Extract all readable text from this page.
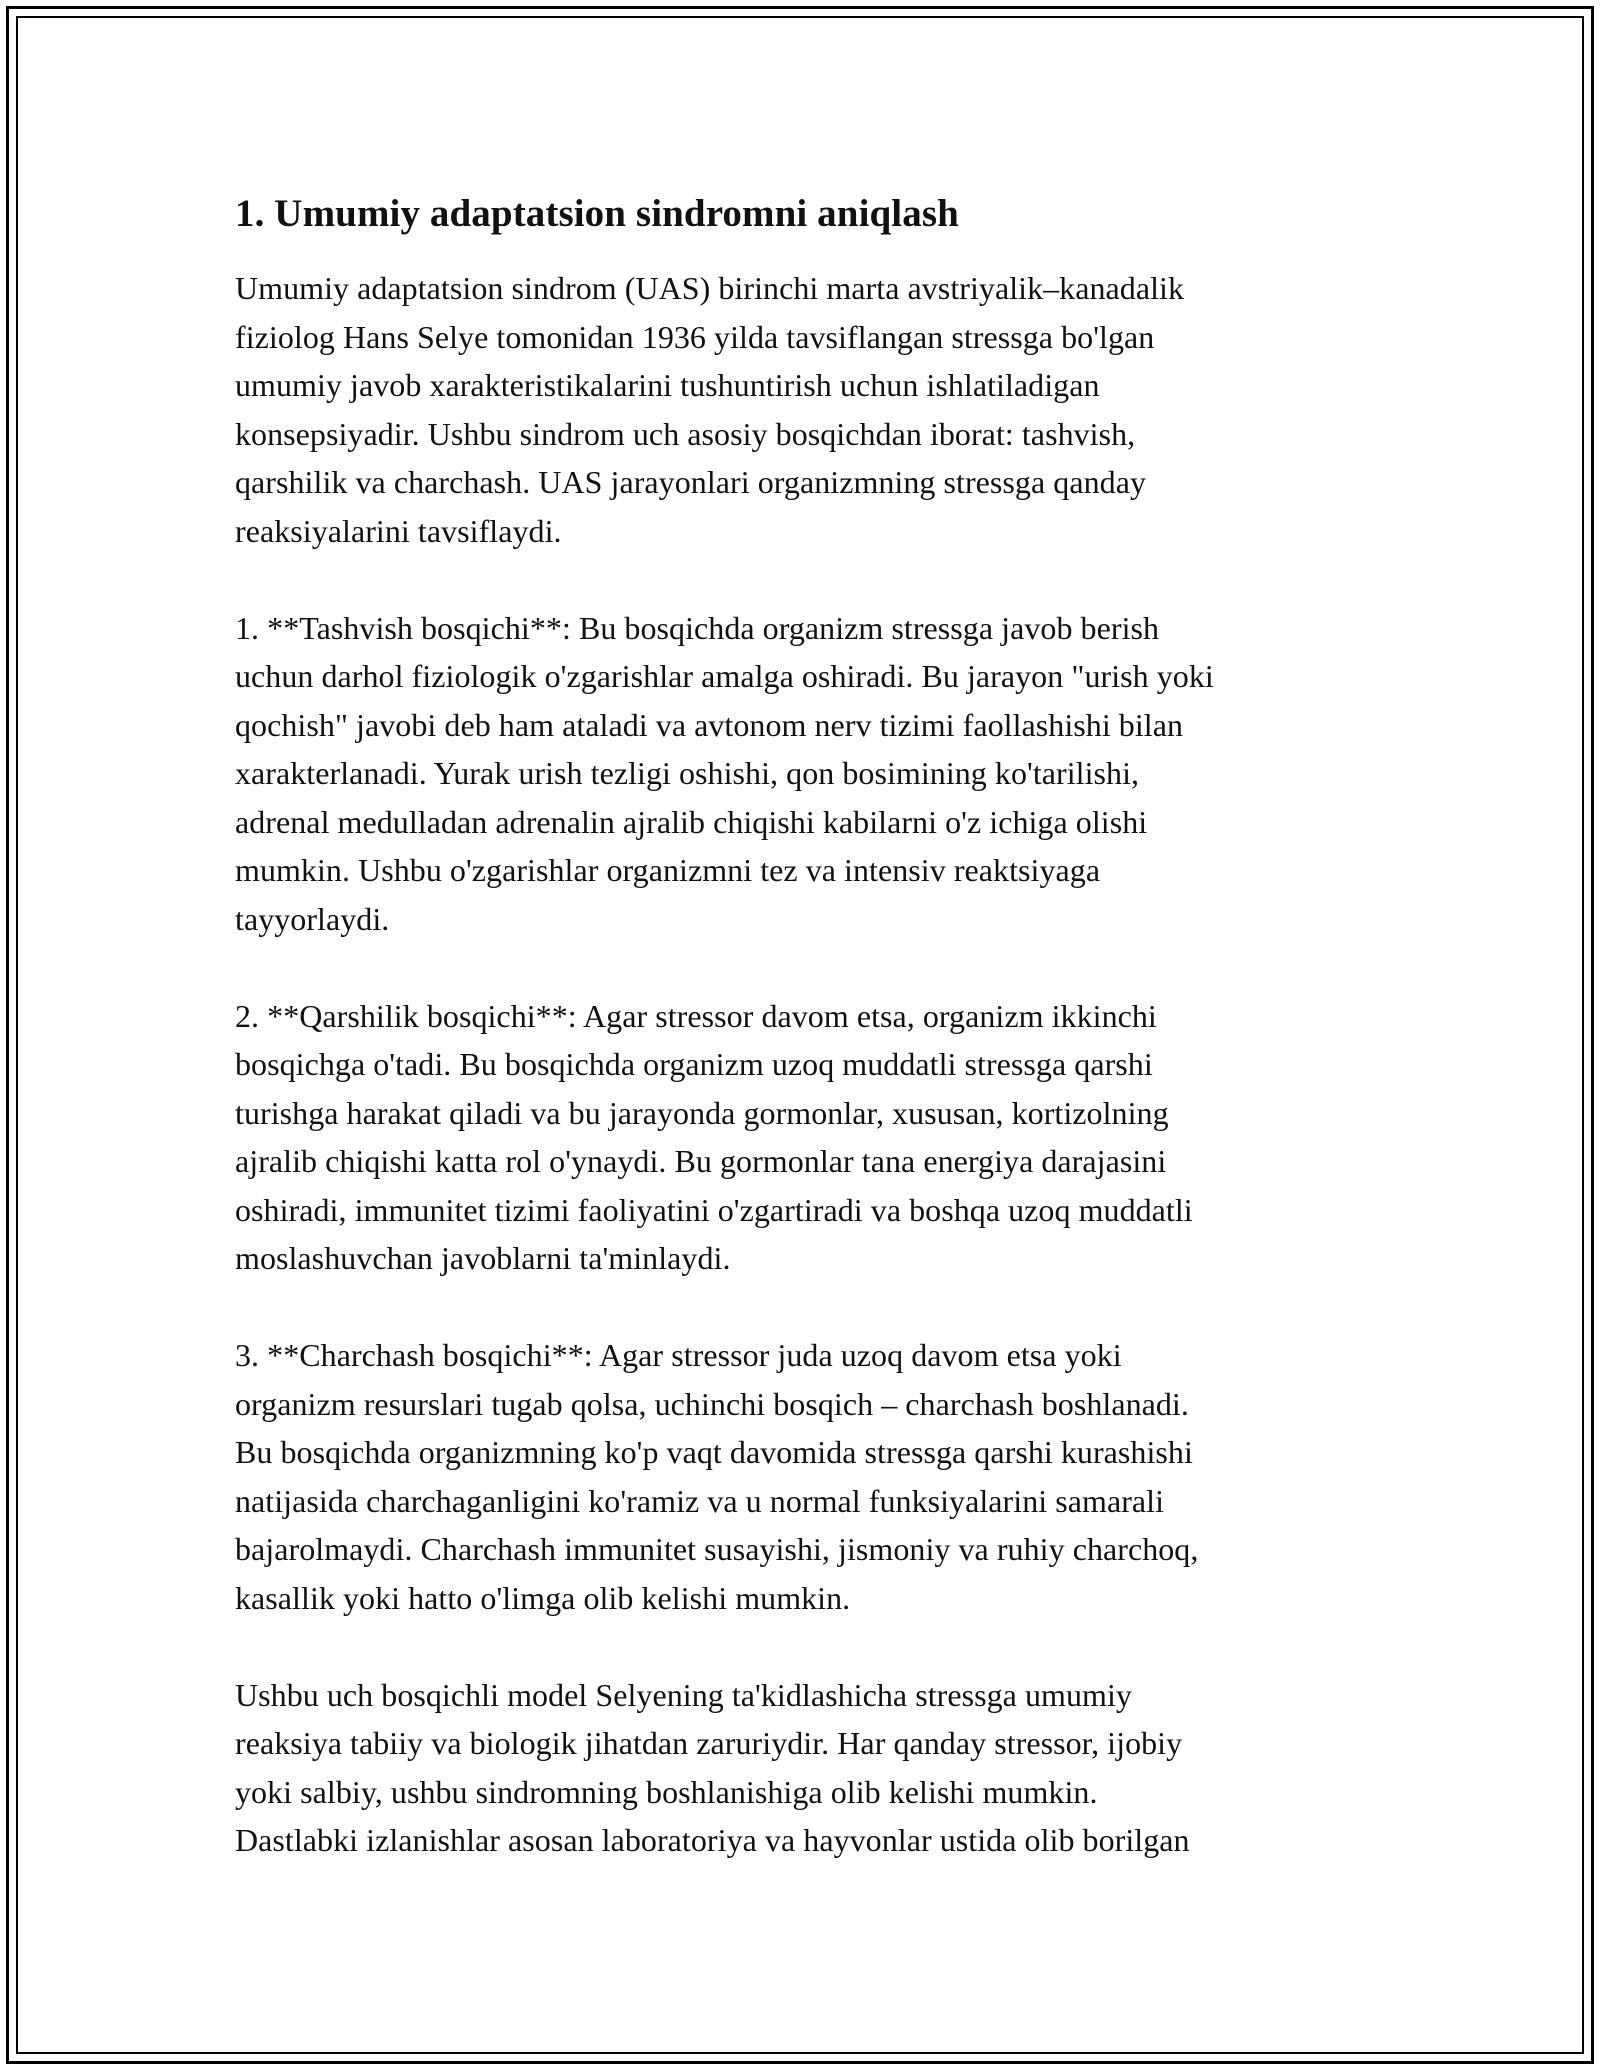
1. Umumiy adaptatsion sindromni aniqlash

Umumiy adaptatsion sindrom (UAS) birinchi marta avstriyalik–kanadalik
fiziolog Hans Selye tomonidan 1936 yilda tavsiflangan stressga bo'lgan
umumiy javob xarakteristikalarini tushuntirish uchun ishlatiladigan
konsepsiyadir. Ushbu sindrom uch asosiy bosqichdan iborat: tashvish,
qarshilik va charchash. UAS jarayonlari organizmning stressga qanday
reaksiyalarini tavsiflaydi.

1. **Tashvish bosqichi**: Bu bosqichda organizm stressga javob berish
uchun darhol fiziologik o'zgarishlar amalga oshiradi. Bu jarayon "urish yoki
qochish" javobi deb ham ataladi va avtonom nerv tizimi faollashishi bilan
xarakterlanadi. Yurak urish tezligi oshishi, qon bosimining ko'tarilishi,
adrenal medulladan adrenalin ajralib chiqishi kabilarni o'z ichiga olishi
mumkin. Ushbu o'zgarishlar organizmni tez va intensiv reaktsiyaga
tayyorlaydi.

2. **Qarshilik bosqichi**: Agar stressor davom etsa, organizm ikkinchi
bosqichga o'tadi. Bu bosqichda organizm uzoq muddatli stressga qarshi
turishga harakat qiladi va bu jarayonda gormonlar, xususan, kortizolning
ajralib chiqishi katta rol o'ynaydi. Bu gormonlar tana energiya darajasini
oshiradi, immunitet tizimi faoliyatini o'zgartiradi va boshqa uzoq muddatli
moslashuvchan javoblarni ta'minlaydi.

3. **Charchash bosqichi**: Agar stressor juda uzoq davom etsa yoki
organizm resurslari tugab qolsa, uchinchi bosqich – charchash boshlanadi.
Bu bosqichda organizmning ko'p vaqt davomida stressga qarshi kurashishi
natijasida charchaganligini ko'ramiz va u normal funksiyalarini samarali
bajarolmaydi. Charchash immunitet susayishi, jismoniy va ruhiy charchoq,
kasallik yoki hatto o'limga olib kelishi mumkin.

Ushbu uch bosqichli model Selyening ta'kidlashicha stressga umumiy
reaksiya tabiiy va biologik jihatdan zaruriydir. Har qanday stressor, ijobiy
yoki salbiy, ushbu sindromning boshlanishiga olib kelishi mumkin.
Dastlabki izlanishlar asosan laboratoriya va hayvonlar ustida olib borilgan
